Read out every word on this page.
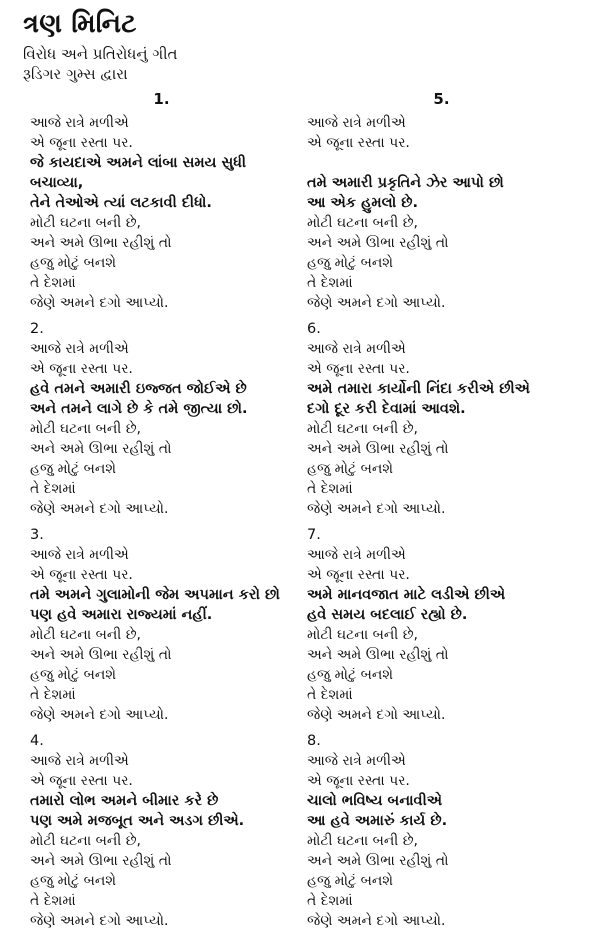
ત્રણ મિનિટ
વિરોધ અને પ્રતિરોધનું ગીત
રૂડિગર ગુમ્સ દ્વારા
1.
આજે રાત્રે મળીએ
એ જૂના રસ્તા પર.
જે કાયદાએ અમને લાંબા સમય સુધી
બચાવ્યા,
તેને તેઓએ ત્યાં લટકાવી દીધો.
મોટી ઘટના બની છે,
અને અમે ઊભા રહીશું તો
હજુ મોટું બનશે
તે દેશમાં
જેણે અમને દગો આપ્યો.
2.
આજે રાત્રે મળીએ
એ જૂના રસ્તા પર.
હવે તમને અમારી ઇજ્જત જોઈએ છે
અને તમને લાગે છે કે તમે જીત્યા છો.
મોટી ઘટના બની છે,
અને અમે ઊભા રહીશું તો
હજુ મોટું બનશે
તે દેશમાં
જેણે અમને દગો આપ્યો.
3.
આજે રાત્રે મળીએ
એ જૂના રસ્તા પર.
તમે અમને ગુલામોની જેમ અપમાન કરો છો
પણ હવે અમારા રાજ્યમાં નહીં.
મોટી ઘટના બની છે,
અને અમે ઊભા રહીશું તો
હજુ મોટું બનશે
તે દેશમાં
જેણે અમને દગો આપ્યો.
4.
આજે રાત્રે મળીએ
એ જૂના રસ્તા પર.
તમારો લોભ અમને બીમાર કરે છે
પણ અમે મજબૂત અને અડગ છીએ.
મોટી ઘટના બની છે,
અને અમે ઊભા રહીશું તો
હજુ મોટું બનશે
તે દેશમાં
જેણે અમને દગો આપ્યો.
5.
આજે રાત્રે મળીએ
એ જૂના રસ્તા પર.
તમે અમારી પ્રકૃતિને ઝેર આપો છો
આ એક હુમલો છે.
મોટી ઘટના બની છે,
અને અમે ઊભા રહીશું તો
હજુ મોટું બનશે
તે દેશમાં
જેણે અમને દગો આપ્યો.
6.
આજે રાત્રે મળીએ
એ જૂના રસ્તા પર.
અમે તમારા કાર્યોની નિંદા કરીએ છીએ
દગો દૂર કરી દેવામાં આવશે.
મોટી ઘટના બની છે,
અને અમે ઊભા રહીશું તો
હજુ મોટું બનશે
તે દેશમાં
જેણે અમને દગો આપ્યો.
7.
આજે રાત્રે મળીએ
એ જૂના રસ્તા પર.
અમે માનવજાત માટે લડીએ છીએ
હવે સમય બદલાઈ રહ્યો છે.
મોટી ઘટના બની છે,
અને અમે ઊભા રહીશું તો
હજુ મોટું બનશે
તે દેશમાં
જેણે અમને દગો આપ્યો.
8.
આજે રાત્રે મળીએ
એ જૂના રસ્તા પર.
ચાલો ભવિષ્ય બનાવીએ
આ હવે અમારું કાર્ય છે.
મોટી ઘટના બની છે,
અને અમે ઊભા રહીશું તો
હજુ મોટું બનશે
તે દેશમાં
જેણે અમને દગો આપ્યો.
